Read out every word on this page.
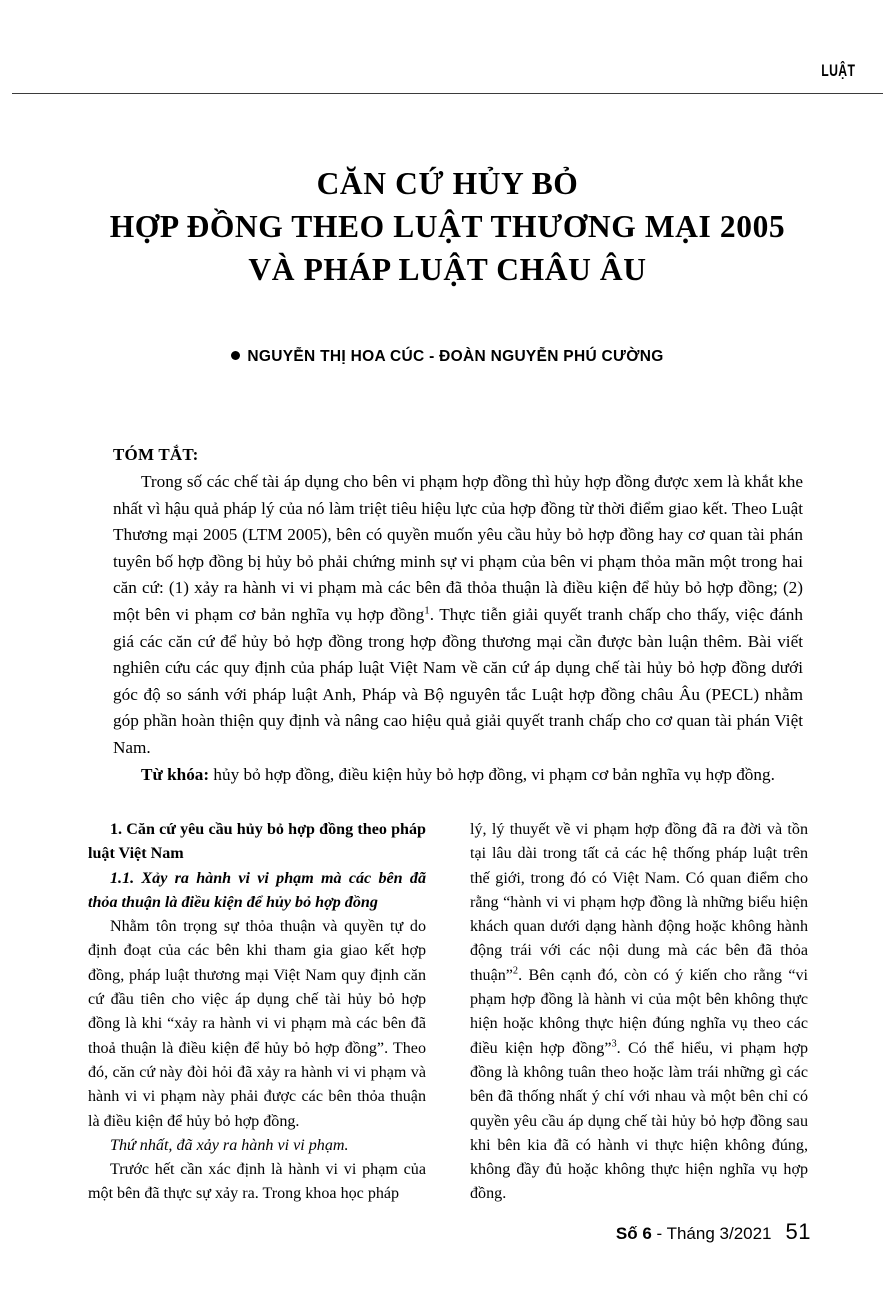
LUẬT
CĂN CỨ HỦY BỎ
HỢP ĐỒNG THEO LUẬT THƯƠNG MẠI 2005
VÀ PHÁP LUẬT CHÂU ÂU
NGUYỄN THỊ HOA CÚC - ĐOÀN NGUYỄN PHÚ CƯỜNG
TÓM TẮT:
Trong số các chế tài áp dụng cho bên vi phạm hợp đồng thì hủy hợp đồng được xem là khắt khe nhất vì hậu quả pháp lý của nó làm triệt tiêu hiệu lực của hợp đồng từ thời điểm giao kết. Theo Luật Thương mại 2005 (LTM 2005), bên có quyền muốn yêu cầu hủy bỏ hợp đồng hay cơ quan tài phán tuyên bố hợp đồng bị hủy bỏ phải chứng minh sự vi phạm của bên vi phạm thỏa mãn một trong hai căn cứ: (1) xảy ra hành vi vi phạm mà các bên đã thỏa thuận là điều kiện để hủy bỏ hợp đồng; (2) một bên vi phạm cơ bản nghĩa vụ hợp đồng$^1$. Thực tiễn giải quyết tranh chấp cho thấy, việc đánh giá các căn cứ để hủy bỏ hợp đồng trong hợp đồng thương mại cần được bàn luận thêm. Bài viết nghiên cứu các quy định của pháp luật Việt Nam về căn cứ áp dụng chế tài hủy bỏ hợp đồng dưới góc độ so sánh với pháp luật Anh, Pháp và Bộ nguyên tắc Luật hợp đồng châu Âu (PECL) nhằm góp phần hoàn thiện quy định và nâng cao hiệu quả giải quyết tranh chấp cho cơ quan tài phán Việt Nam.
Từ khóa: hủy bỏ hợp đồng, điều kiện hủy bỏ hợp đồng, vi phạm cơ bản nghĩa vụ hợp đồng.

1. Căn cứ yêu cầu hủy bỏ hợp đồng theo pháp luật Việt Nam

1.1. Xảy ra hành vi vi phạm mà các bên đã thỏa thuận là điều kiện để hủy bỏ hợp đồng

Nhằm tôn trọng sự thỏa thuận và quyền tự do định đoạt của các bên khi tham gia giao kết hợp đồng, pháp luật thương mại Việt Nam quy định căn cứ đầu tiên cho việc áp dụng chế tài hủy bỏ hợp đồng là khi “xảy ra hành vi vi phạm mà các bên đã thoả thuận là điều kiện để hủy bỏ hợp đồng”. Theo đó, căn cứ này đòi hỏi đã xảy ra hành vi vi phạm và hành vi vi phạm này phải được các bên thỏa thuận là điều kiện để hủy bỏ hợp đồng.

Thứ nhất, đã xảy ra hành vi vi phạm.

Trước hết cần xác định là hành vi vi phạm của một bên đã thực sự xảy ra. Trong khoa học pháp

lý, lý thuyết về vi phạm hợp đồng đã ra đời và tồn tại lâu dài trong tất cả các hệ thống pháp luật trên thế giới, trong đó có Việt Nam. Có quan điểm cho rằng “hành vi vi phạm hợp đồng là những biểu hiện khách quan dưới dạng hành động hoặc không hành động trái với các nội dung mà các bên đã thỏa thuận”$^2$. Bên cạnh đó, còn có ý kiến cho rằng “vi phạm hợp đồng là hành vi của một bên không thực hiện hoặc không thực hiện đúng nghĩa vụ theo các điều kiện hợp đồng”$^3$. Có thể hiểu, vi phạm hợp đồng là không tuân theo hoặc làm trái những gì các bên đã thống nhất ý chí với nhau và một bên chỉ có quyền yêu cầu áp dụng chế tài hủy bỏ hợp đồng sau khi bên kia đã có hành vi thực hiện không đúng, không đầy đủ hoặc không thực hiện nghĩa vụ hợp đồng.

Số 6 - Tháng 3/2021 51
